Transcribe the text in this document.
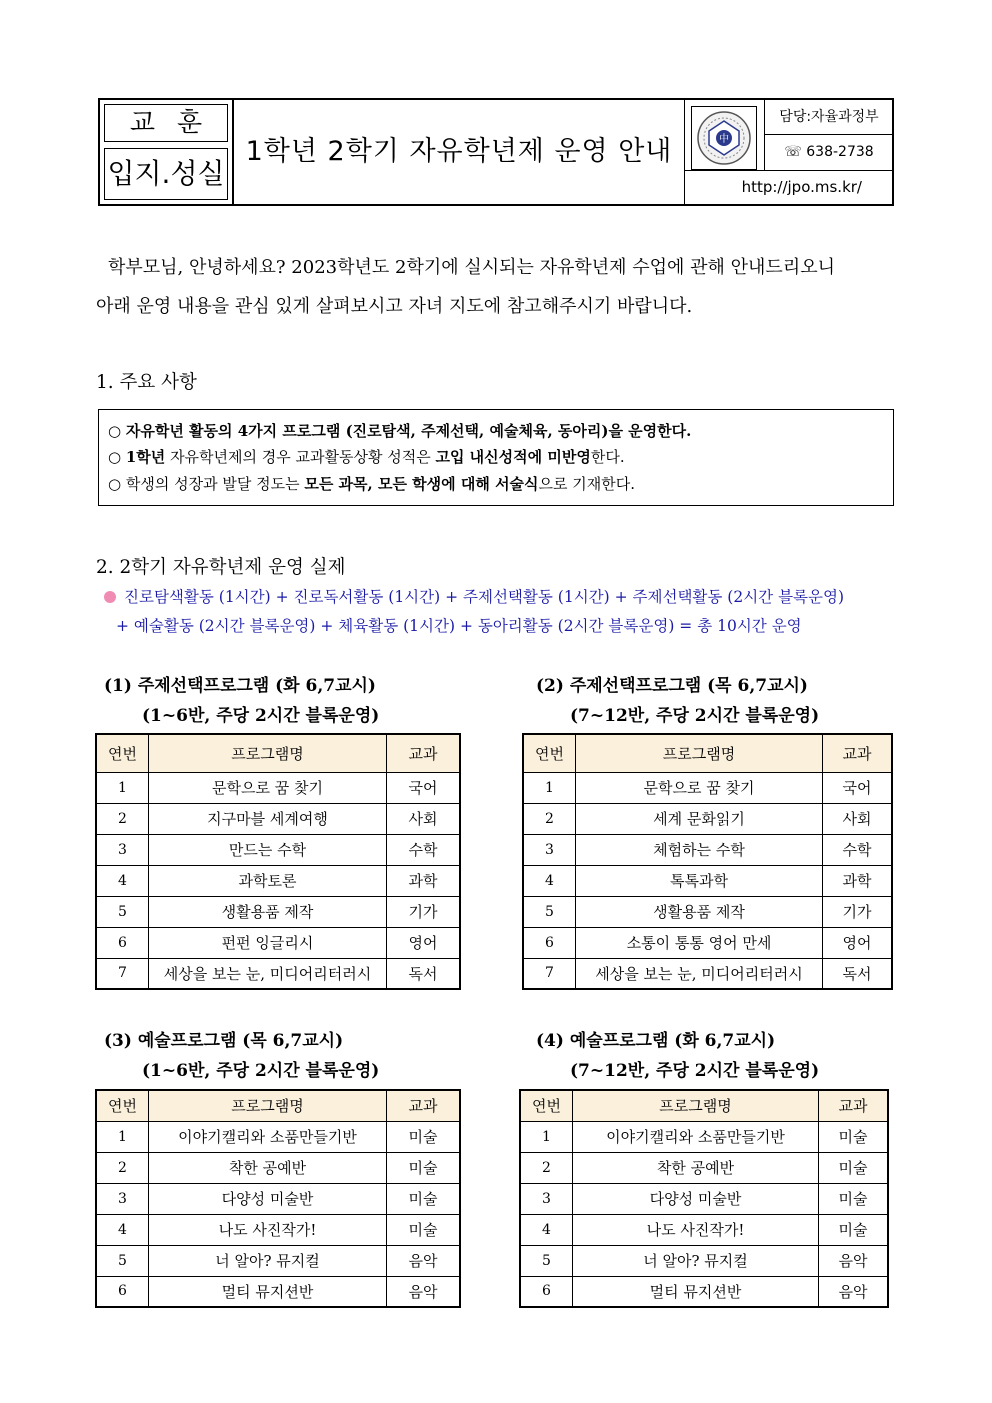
교훈
입지.성실
1학년 2학기 자유학년제 운영 안내	中
담당:자율과정부
☏ 638-2738
http://jpo.ms.kr/
학부모님, 안녕하세요? 2023학년도 2학기에 실시되는 자유학년제 수업에 관해 안내드리오니
아래 운영 내용을 관심 있게 살펴보시고 자녀 지도에 참고해주시기 바랍니다.
1. 주요 사항
○ 자유학년 활동의 4가지 프로그램 (진로탐색, 주제선택, 예술체육, 동아리)을 운영한다.
○ 1학년 자유학년제의 경우 교과활동상황 성적은 고입 내신성적에 미반영한다.
○ 학생의 성장과 발달 정도는 모든 과목, 모든 학생에 대해 서술식으로 기재한다.
2. 2학기 자유학년제 운영 실제
진로탐색활동 (1시간) + 진로독서활동 (1시간) + 주제선택활동 (1시간) + 주제선택활동 (2시간 블록운영)
+ 예술활동 (2시간 블록운영) + 체육활동 (1시간) + 동아리활동 (2시간 블록운영) = 총 10시간 운영
(1) 주제선택프로그램 (화 6,7교시)
(1~6반, 주당 2시간 블록운영)
(2) 주제선택프로그램 (목 6,7교시)
(7~12반, 주당 2시간 블록운영)
(3) 예술프로그램 (목 6,7교시)
(1~6반, 주당 2시간 블록운영)
(4) 예술프로그램 (화 6,7교시)
(7~12반, 주당 2시간 블록운영)
연번	프로그램명	교과
1	문학으로 꿈 찾기	국어
2	지구마블 세계여행	사회
3	만드는 수학	수학
4	과학토론	과학
5	생활용품 제작	기가
6	펀펀 잉글리시	영어
7	세상을 보는 눈, 미디어리터러시	독서
연번	프로그램명	교과
1	문학으로 꿈 찾기	국어
2	세계 문화읽기	사회
3	체험하는 수학	수학
4	톡톡과학	과학
5	생활용품 제작	기가
6	소통이 통통 영어 만세	영어
7	세상을 보는 눈, 미디어리터러시	독서
연번	프로그램명	교과
1	이야기캘리와 소품만들기반	미술
2	착한 공예반	미술
3	다양성 미술반	미술
4	나도 사진작가!	미술
5	너 알아? 뮤지컬	음악
6	멀티 뮤지션반	음악
연번	프로그램명	교과
1	이야기캘리와 소품만들기반	미술
2	착한 공예반	미술
3	다양성 미술반	미술
4	나도 사진작가!	미술
5	너 알아? 뮤지컬	음악
6	멀티 뮤지션반	음악
